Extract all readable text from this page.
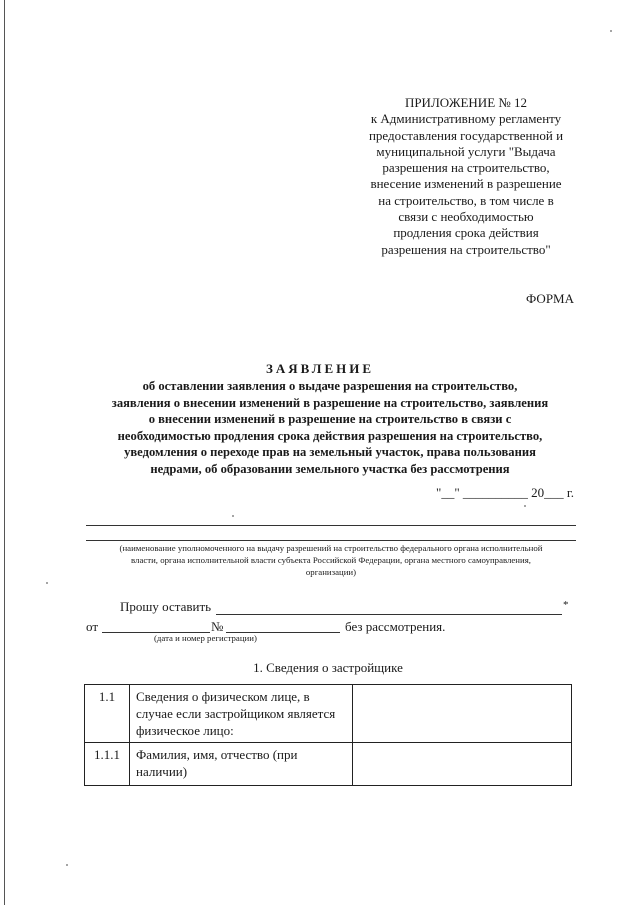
ПРИЛОЖЕНИЕ № 12
к Административному регламенту
предоставления государственной и
муниципальной услуги "Выдача
разрешения на строительство,
внесение изменений в разрешение
на строительство, в том числе в
связи с необходимостью
продления срока действия
разрешения на строительство"
ФОРМА
ЗАЯВЛЕНИЕ
об оставлении заявления о выдаче разрешения на строительство,
заявления о внесении изменений в разрешение на строительство, заявления
о внесении изменений в разрешение на строительство в связи с
необходимостью продления срока действия разрешения на строительство,
уведомления о переходе прав на земельный участок, права пользования
недрами, об образовании земельного участка без рассмотрения
"__" __________ 20___ г.
(наименование уполномоченного на выдачу разрешений на строительство федерального органа исполнительной
власти, органа исполнительной власти субъекта Российской Федерации, органа местного самоуправления,
организации)
Прошу оставить	*
от	№	без рассмотрения.
(дата и номер регистрации)
1. Сведения о застройщике
1.1	Сведения о физическом лице, в случае если застройщиком является физическое лицо:	
1.1.1	Фамилия, имя, отчество (при наличии)	
